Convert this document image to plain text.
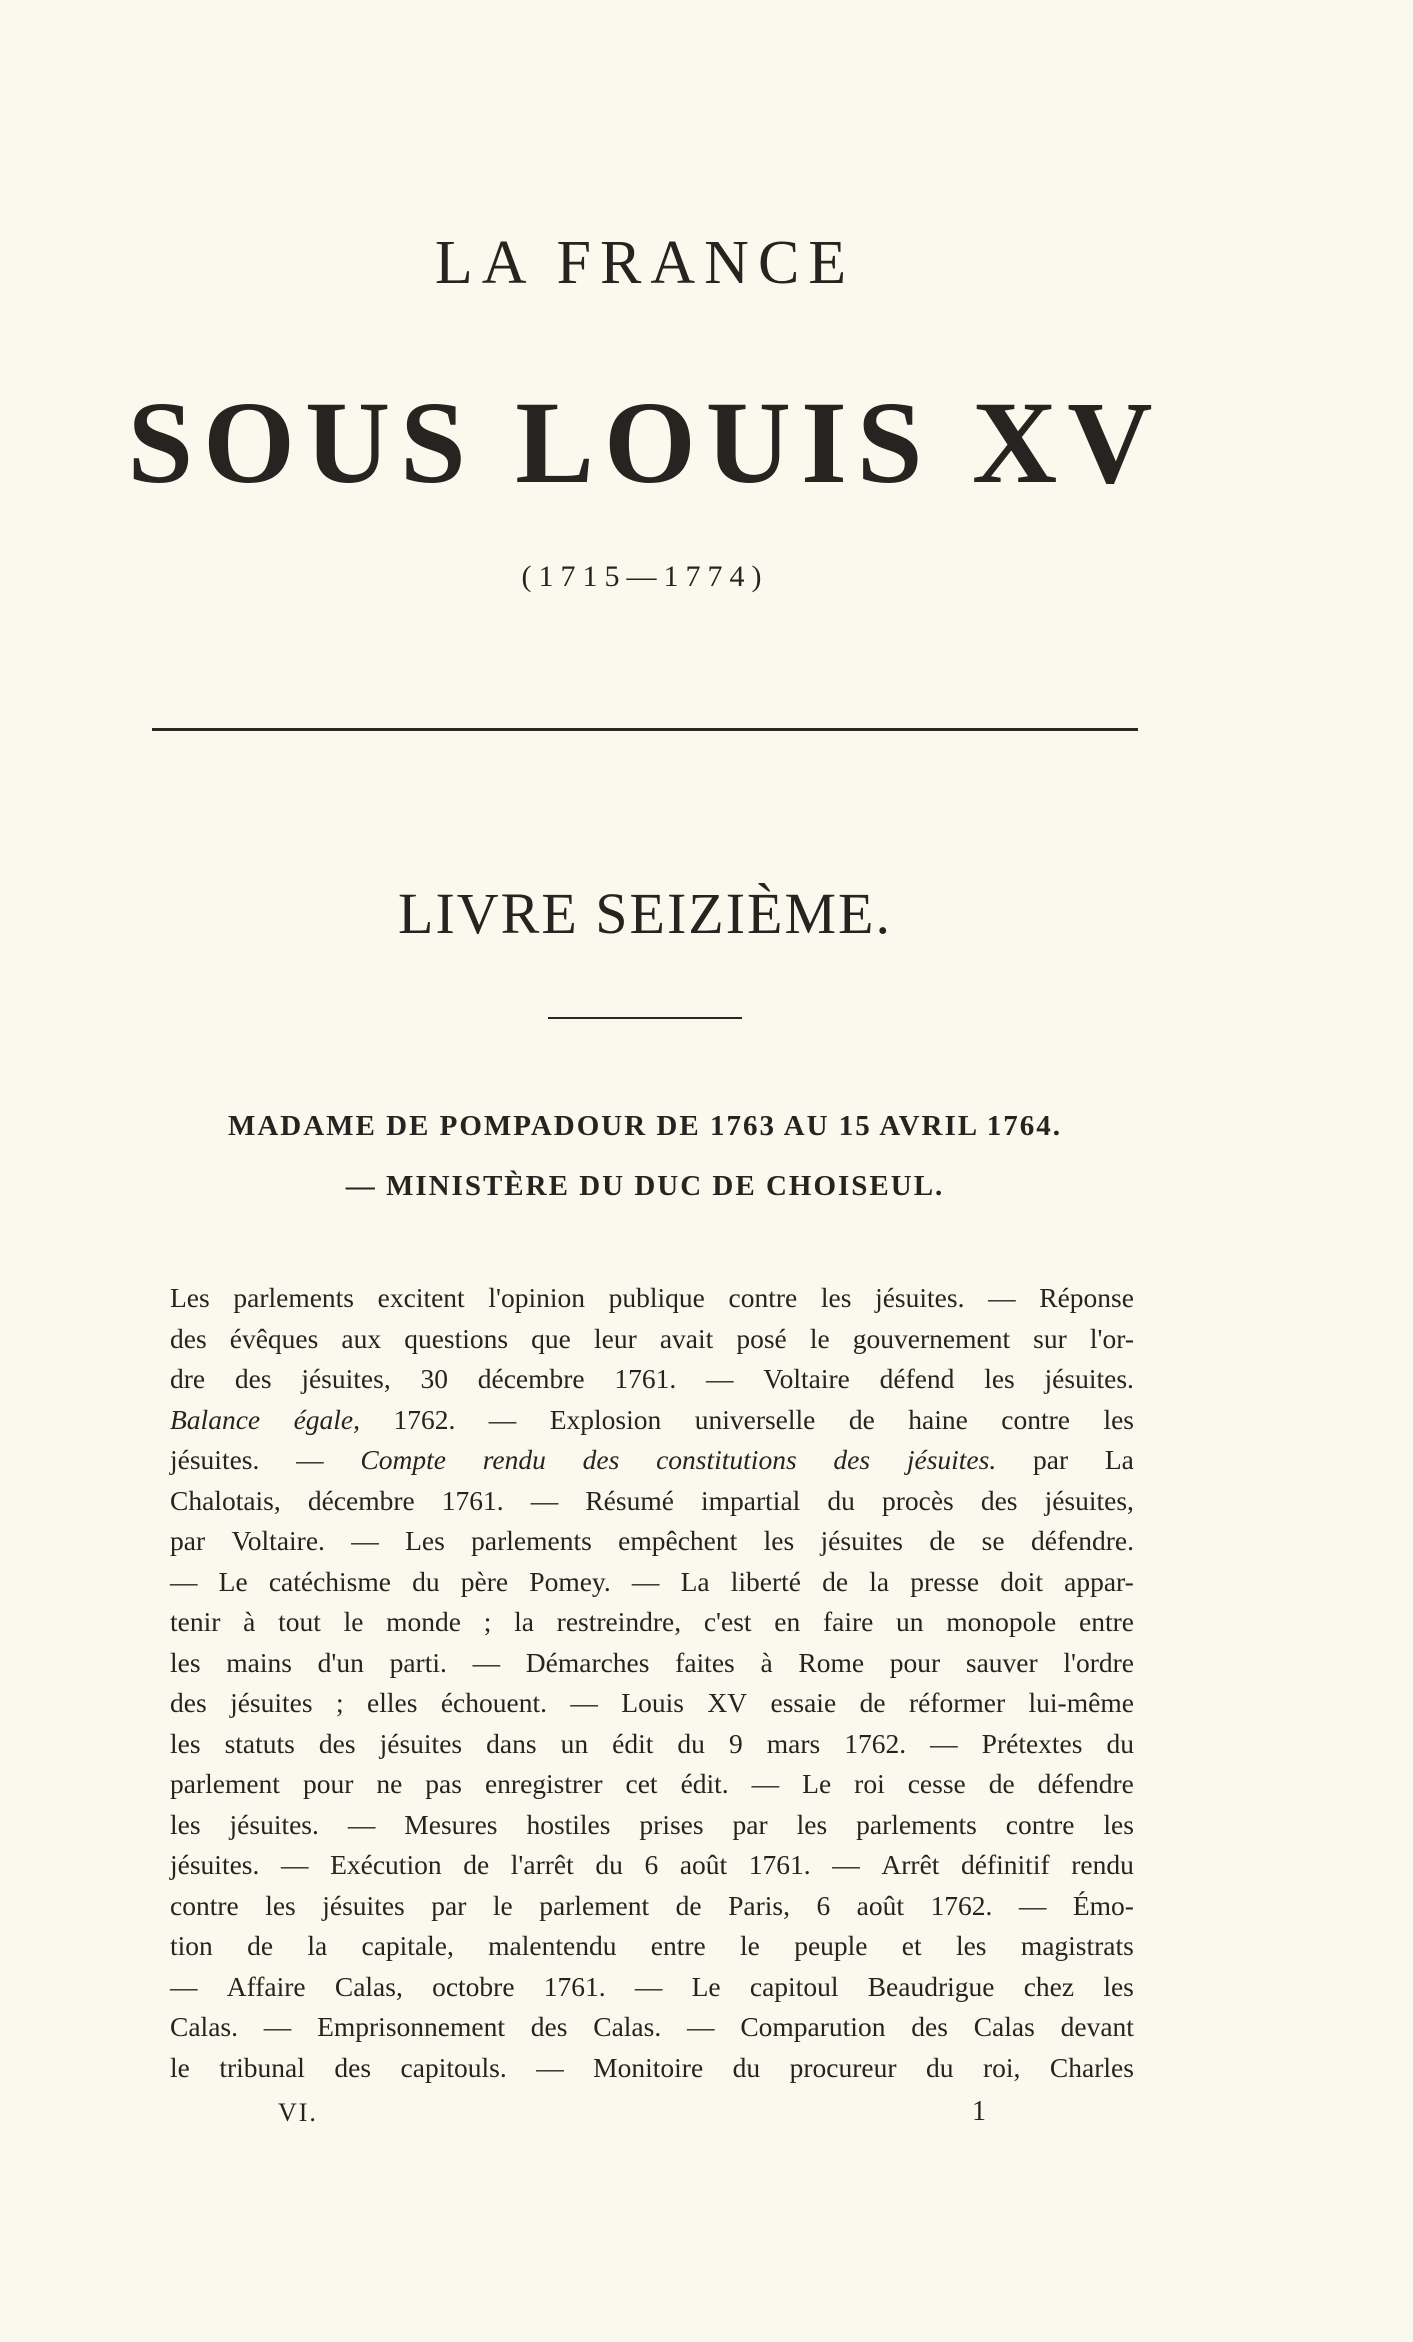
LA FRANCE
SOUS LOUIS XV
(1715—1774)
LIVRE SEIZIÈME.
MADAME DE POMPADOUR DE 1763 AU 15 AVRIL 1764.
— MINISTÈRE DU DUC DE CHOISEUL.
Les parlements excitent l'opinion publique contre les jésuites. — Réponse
des évêques aux questions que leur avait posé le gouvernement sur l'or-
dre des jésuites, 30 décembre 1761. — Voltaire défend les jésuites.
Balance égale, 1762. — Explosion universelle de haine contre les
jésuites. — Compte rendu des constitutions des jésuites. par La
Chalotais, décembre 1761. — Résumé impartial du procès des jésuites,
par Voltaire. — Les parlements empêchent les jésuites de se défendre.
— Le catéchisme du père Pomey. — La liberté de la presse doit appar-
tenir à tout le monde ; la restreindre, c'est en faire un monopole entre
les mains d'un parti. — Démarches faites à Rome pour sauver l'ordre
des jésuites ; elles échouent. — Louis XV essaie de réformer lui-même
les statuts des jésuites dans un édit du 9 mars 1762. — Prétextes du
parlement pour ne pas enregistrer cet édit. — Le roi cesse de défendre
les jésuites. — Mesures hostiles prises par les parlements contre les
jésuites. — Exécution de l'arrêt du 6 août 1761. — Arrêt définitif rendu
contre les jésuites par le parlement de Paris, 6 août 1762. — Émo-
tion de la capitale, malentendu entre le peuple et les magistrats
— Affaire Calas, octobre 1761. — Le capitoul Beaudrigue chez les
Calas. — Emprisonnement des Calas. — Comparution des Calas devant
le tribunal des capitouls. — Monitoire du procureur du roi, Charles
VI.	1
